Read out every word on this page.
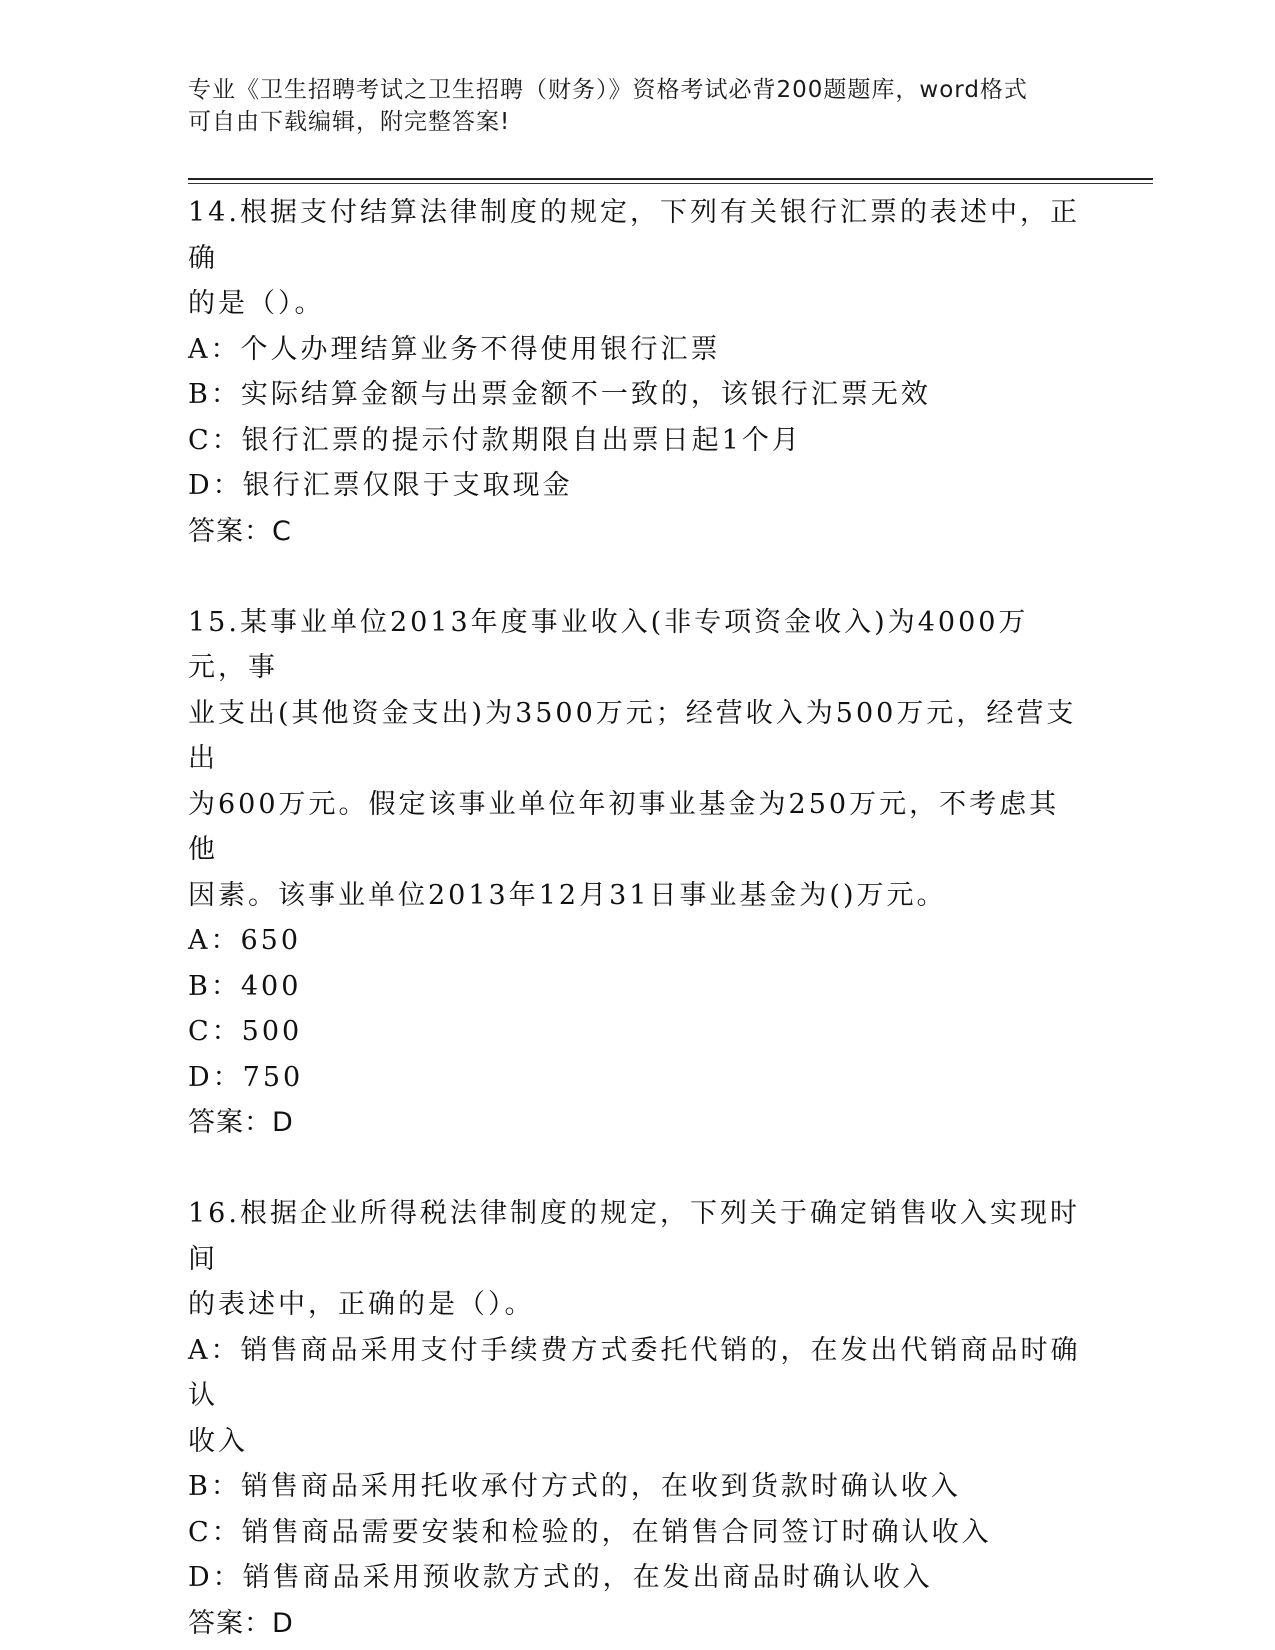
专业《卫生招聘考试之卫生招聘（财务）》资格考试必背200题题库，word格式
可自由下载编辑，附完整答案!

14.根据支付结算法律制度的规定，下列有关银行汇票的表述中，正确

的是（）。

A：个人办理结算业务不得使用银行汇票

B：实际结算金额与出票金额不一致的，该银行汇票无效

C：银行汇票的提示付款期限自出票日起1个月

D：银行汇票仅限于支取现金

答案：C

15.某事业单位2013年度事业收入(非专项资金收入)为4000万元，事

业支出(其他资金支出)为3500万元；经营收入为500万元，经营支出

为600万元。假定该事业单位年初事业基金为250万元，不考虑其他

因素。该事业单位2013年12月31日事业基金为()万元。

A：650

B：400

C：500

D：750

答案：D

16.根据企业所得税法律制度的规定，下列关于确定销售收入实现时间

的表述中，正确的是（）。

A：销售商品采用支付手续费方式委托代销的，在发出代销商品时确认

收入

B：销售商品采用托收承付方式的，在收到货款时确认收入

C：销售商品需要安装和检验的，在销售合同签订时确认收入

D：销售商品采用预收款方式的，在发出商品时确认收入

答案：D
